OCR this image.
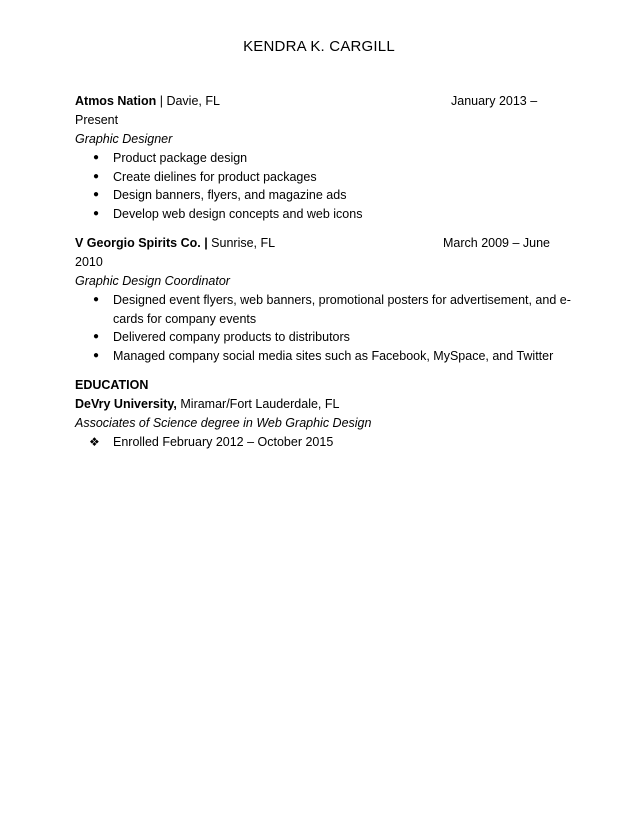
KENDRA K. CARGILL
Atmos Nation | Davie, FL	January 2013 –
Present
Graphic Designer
● Product package design
● Create dielines for product packages
● Design banners, flyers, and magazine ads
● Develop web design concepts and web icons
V Georgio Spirits Co. | Sunrise, FL	March 2009 – June
2010
Graphic Design Coordinator
● Designed event flyers, web banners, promotional posters for advertisement, and e-cards for company events
● Delivered company products to distributors
● Managed company social media sites such as Facebook, MySpace, and Twitter
EDUCATION
DeVry University, Miramar/Fort Lauderdale, FL
Associates of Science degree in Web Graphic Design
❖ Enrolled February 2012 – October 2015
